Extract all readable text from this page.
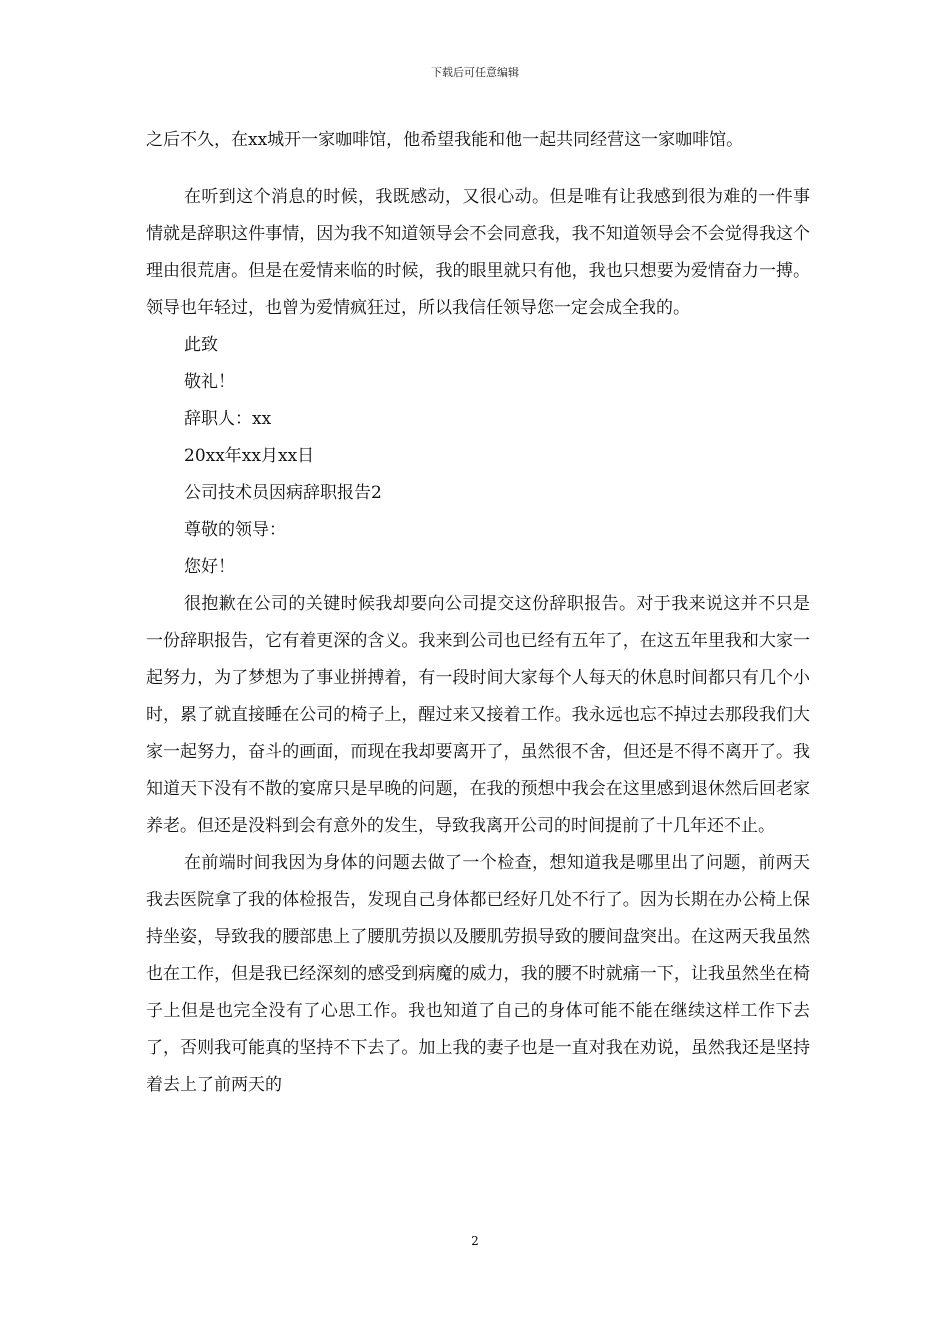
下载后可任意编辑

之后不久，在xx城开一家咖啡馆，他希望我能和他一起共同经营这一家咖啡馆。

在听到这个消息的时候，我既感动，又很心动。但是唯有让我感到很为难的一件事情就是辞职这件事情，因为我不知道领导会不会同意我，我不知道领导会不会觉得我这个理由很荒唐。但是在爱情来临的时候，我的眼里就只有他，我也只想要为爱情奋力一搏。领导也年轻过，也曾为爱情疯狂过，所以我信任领导您一定会成全我的。

此致

敬礼！

辞职人：xx

20xx年xx月xx日

公司技术员因病辞职报告2

尊敬的领导：

您好！

很抱歉在公司的关键时候我却要向公司提交这份辞职报告。对于我来说这并不只是一份辞职报告，它有着更深的含义。我来到公司也已经有五年了，在这五年里我和大家一起努力，为了梦想为了事业拼搏着，有一段时间大家每个人每天的休息时间都只有几个小时，累了就直接睡在公司的椅子上，醒过来又接着工作。我永远也忘不掉过去那段我们大家一起努力，奋斗的画面，而现在我却要离开了，虽然很不舍，但还是不得不离开了。我知道天下没有不散的宴席只是早晚的问题，在我的预想中我会在这里感到退休然后回老家养老。但还是没料到会有意外的发生，导致我离开公司的时间提前了十几年还不止。

在前端时间我因为身体的问题去做了一个检查，想知道我是哪里出了问题，前两天我去医院拿了我的体检报告，发现自己身体都已经好几处不行了。因为长期在办公椅上保持坐姿，导致我的腰部患上了腰肌劳损以及腰肌劳损导致的腰间盘突出。在这两天我虽然也在工作，但是我已经深刻的感受到病魔的威力，我的腰不时就痛一下，让我虽然坐在椅子上但是也完全没有了心思工作。我也知道了自己的身体可能不能在继续这样工作下去了，否则我可能真的坚持不下去了。加上我的妻子也是一直对我在劝说，虽然我还是坚持着去上了前两天的

2
